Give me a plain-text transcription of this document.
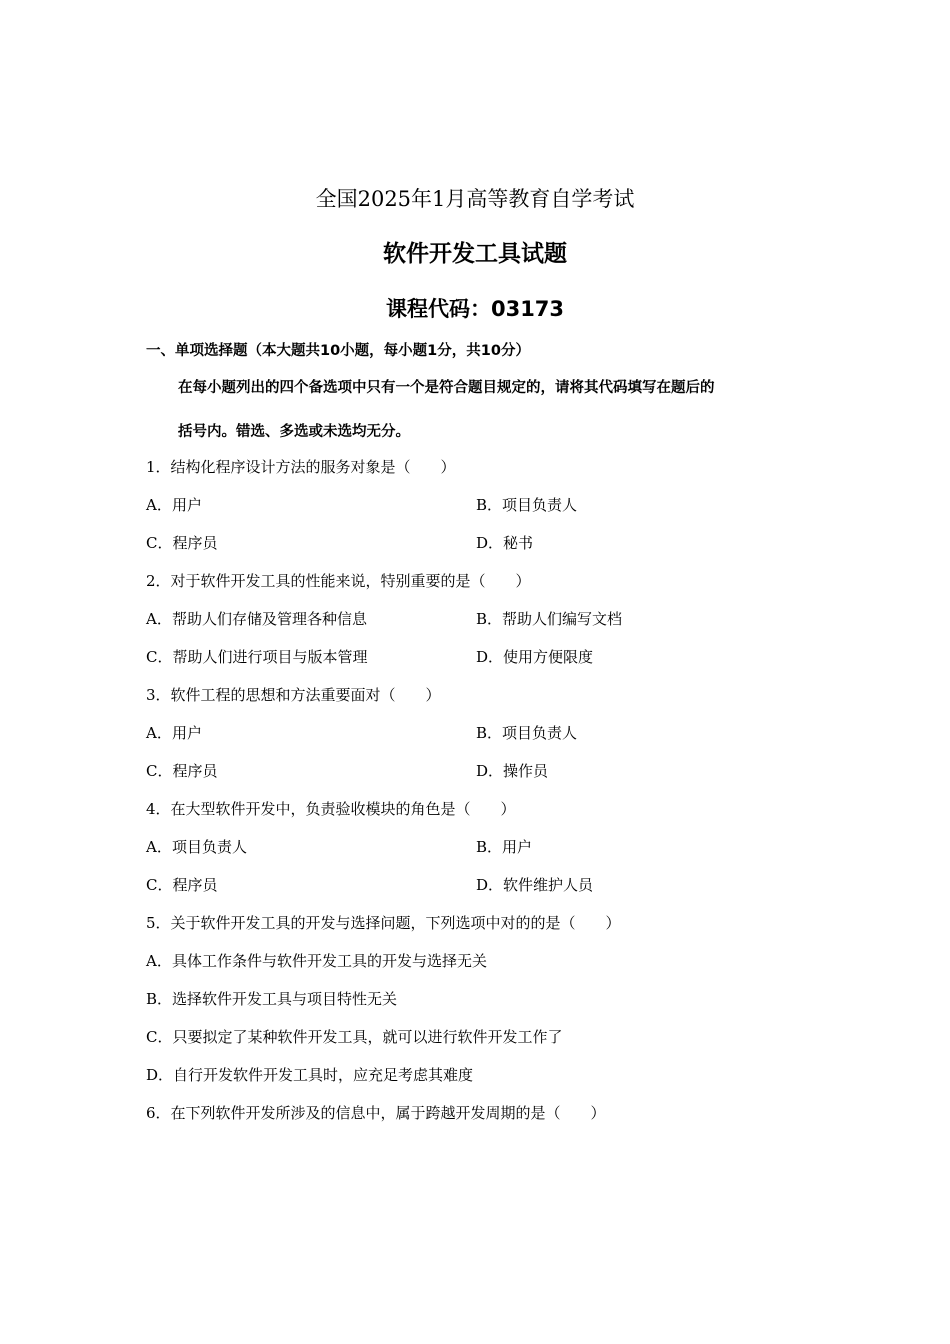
全国2025年1月高等教育自学考试
软件开发工具试题
课程代码：03173
一、单项选择题（本大题共10小题，每小题1分，共10分）
在每小题列出的四个备选项中只有一个是符合题目规定的，请将其代码填写在题后的
括号内。错选、多选或未选均无分。
1．结构化程序设计方法的服务对象是（　　）
A．用户	B．项目负责人
C．程序员	D．秘书
2．对于软件开发工具的性能来说，特别重要的是（　　）
A．帮助人们存储及管理各种信息	B．帮助人们编写文档
C．帮助人们进行项目与版本管理	D．使用方便限度
3．软件工程的思想和方法重要面对（　　）
A．用户	B．项目负责人
C．程序员	D．操作员
4．在大型软件开发中，负责验收模块的角色是（　　）
A．项目负责人	B．用户
C．程序员	D．软件维护人员
5．关于软件开发工具的开发与选择问题，下列选项中对的的是（　　）
A．具体工作条件与软件开发工具的开发与选择无关
B．选择软件开发工具与项目特性无关
C．只要拟定了某种软件开发工具，就可以进行软件开发工作了
D．自行开发软件开发工具时，应充足考虑其难度
6．在下列软件开发所涉及的信息中，属于跨越开发周期的是（　　）
